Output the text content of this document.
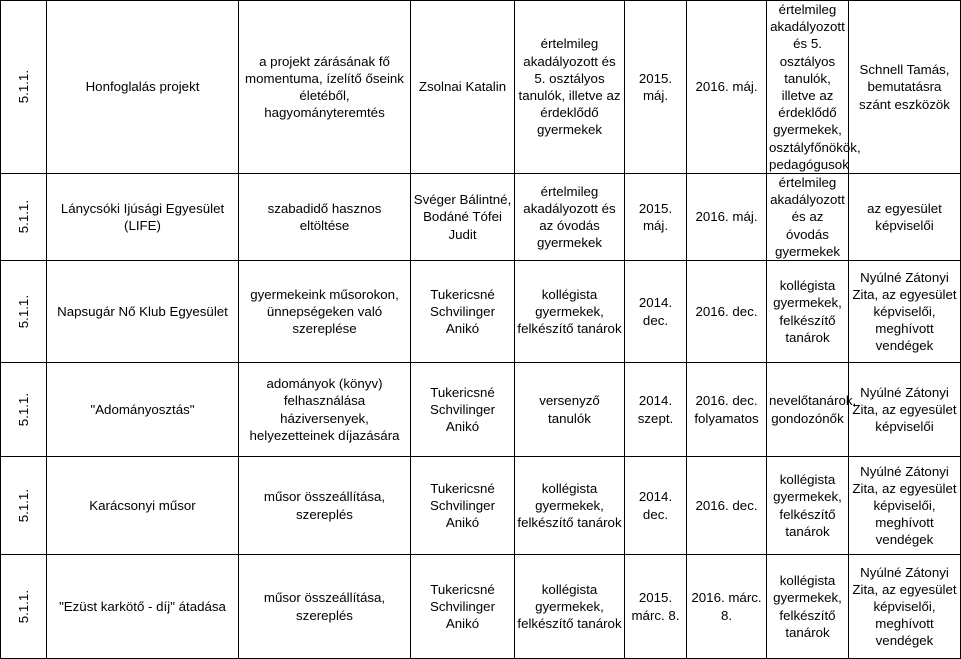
5.1.1.	Honfoglalás projekt	a projekt zárásának fő momentuma, ízelítő őseink életéből, hagyományteremtés	Zsolnai Katalin	értelmileg akadályozott és 5. osztályos tanulók, illetve az érdeklődő gyermekek	2015. máj.	2016. máj.	értelmileg akadályozott és 5. osztályos tanulók, illetve az érdeklődő gyermekek, osztályfőnökök, pedagógusok	Schnell Tamás, bemutatásra szánt eszközök

5.1.1.	Lánycsóki Ijúsági Egyesület (LIFE)	szabadidő hasznos eltöltése	Svéger Bálintné, Bodáné Tófei Judit	értelmileg akadályozott és az óvodás gyermekek	2015. máj.	2016. máj.	értelmileg akadályozott és az óvodás gyermekek	az egyesület képviselői

5.1.1.	Napsugár Nő Klub Egyesület	gyermekeink műsorokon, ünnepségeken való szereplése	Tukericsné Schvilinger Anikó	kollégista gyermekek, felkészítő tanárok	2014. dec.	2016. dec.	kollégista gyermekek, felkészítő tanárok	Nyúlné Zátonyi Zita, az egyesület képviselői, meghívott vendégek

5.1.1.	"Adományosztás"	adományok (könyv) felhasználása háziversenyek, helyezetteinek díjazására	Tukericsné Schvilinger Anikó	versenyző tanulók	2014. szept.	2016. dec. folyamatos	nevelőtanárok, gondozónők	Nyúlné Zátonyi Zita, az egyesület képviselői

5.1.1.	Karácsonyi műsor	műsor összeállítása, szereplés	Tukericsné Schvilinger Anikó	kollégista gyermekek, felkészítő tanárok	2014. dec.	2016. dec.	kollégista gyermekek, felkészítő tanárok	Nyúlné Zátonyi Zita, az egyesület képviselői, meghívott vendégek

5.1.1.	"Ezüst karkötő - díj" átadása	műsor összeállítása, szereplés	Tukericsné Schvilinger Anikó	kollégista gyermekek, felkészítő tanárok	2015. márc. 8.	2016. márc. 8.	kollégista gyermekek, felkészítő tanárok	Nyúlné Zátonyi Zita, az egyesület képviselői, meghívott vendégek
